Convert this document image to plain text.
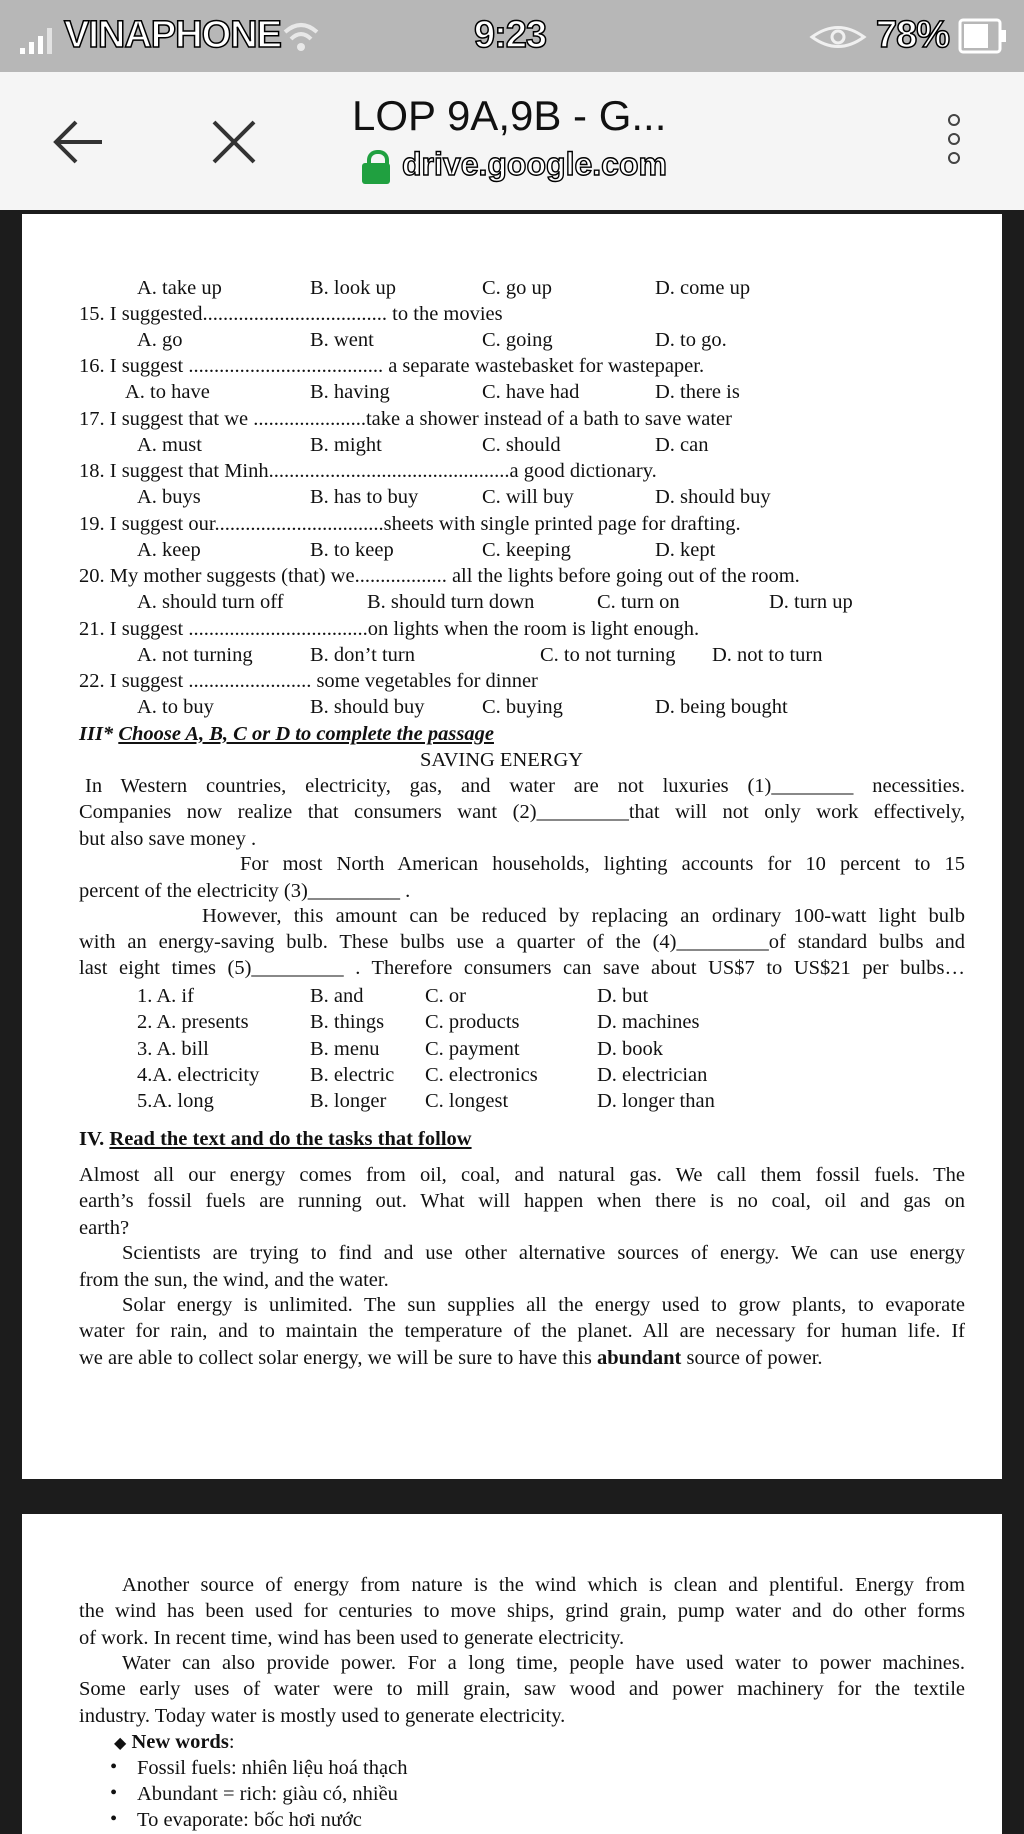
VINAPHONE	9:23	78%
LOP 9A,9B - G...
drive.google.com
A. take up	B. look up	C. go up	D. come up
15. I suggested.................................... to the movies
A. go	B. went	C. going	D. to go.
16. I suggest ...................................... a separate wastebasket for wastepaper.
A. to have	B. having	C. have had	D. there is
17. I suggest that we ......................take a shower instead of a bath to save water
A. must	B. might	C. should	D. can
18. I suggest that Minh...............................................a good dictionary.
A. buys	B. has to buy	C. will buy	D. should buy
19. I suggest our.................................sheets with single printed page for drafting.
A. keep	B. to keep	C. keeping	D. kept
20. My mother suggests (that) we.................. all the lights before going out of the room.
A. should turn off	B. should turn down	C. turn on	D. turn up
21. I suggest ...................................on lights when the room is light enough.
A. not turning	B. don’t turn	C. to not turning D. not to turn
22. I suggest ........................ some vegetables for dinner
A. to buy	B. should buy	C. buying	D. being bought
III* Choose A, B, C or D to complete the passage
SAVING ENERGY
In Western countries, electricity, gas, and water are not luxuries (1)________ necessities.
Companies now realize that consumers want (2)_________that will not only work effectively,
but also save money .
For most North American households, lighting accounts for 10 percent to 15
percent of the electricity (3)_________ .
However, this amount can be reduced by replacing an ordinary 100-watt light bulb
with an energy-saving bulb. These bulbs use a quarter of the (4)_________of standard bulbs and
last eight times (5)_________ . Therefore consumers can save about US$7 to US$21 per bulbs…
1. A. if	B. and	C. or	D. but
2. A. presents	B. things C. products	D. machines
3. A. bill	B. menu C. payment	D. book
4.A. electricity B. electric C. electronics	D. electrician
5.A. long	B. longer C. longest	D. longer than
IV. Read the text and do the tasks that follow
Almost all our energy comes from oil, coal, and natural gas. We call them fossil fuels. The
earth’s fossil fuels are running out. What will happen when there is no coal, oil and gas on
earth?
Scientists are trying to find and use other alternative sources of energy. We can use energy
from the sun, the wind, and the water.
Solar energy is unlimited. The sun supplies all the energy used to grow plants, to evaporate
water for rain, and to maintain the temperature of the planet. All are necessary for human life. If
we are able to collect solar energy, we will be sure to have this abundant source of power.
Another source of energy from nature is the wind which is clean and plentiful. Energy from
the wind has been used for centuries to move ships, grind grain, pump water and do other forms
of work. In recent time, wind has been used to generate electricity.
Water can also provide power. For a long time, people have used water to power machines.
Some early uses of water were to mill grain, saw wood and power machinery for the textile
industry. Today water is mostly used to generate electricity.
◆ New words:
• Fossil fuels: nhiên liệu hoá thạch
• Abundant = rich: giàu có, nhiều
• To evaporate: bốc hơi nước
